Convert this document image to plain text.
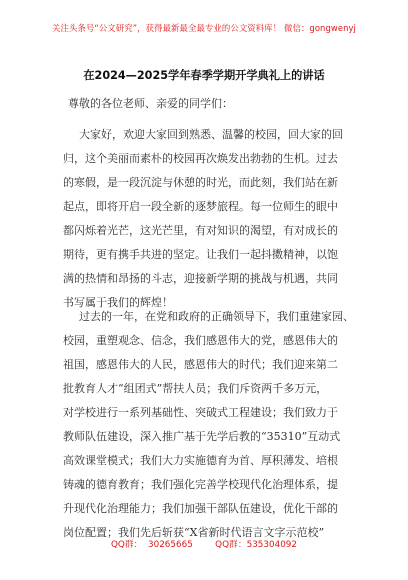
关注头条号“公文研究”，获得最新最全最专业的公文资料库！ 微信：gongwenyj
在2024—2025学年春季学期开学典礼上的讲话
尊敬的各位老师、亲爱的同学们：
大家好，欢迎大家回到熟悉、温馨的校园，回大家的回
归，这个美丽而素朴的校园再次焕发出勃勃的生机。过去
的寒假，是一段沉淀与休憩的时光，而此刻，我们站在新
起点，即将开启一段全新的逐梦旅程。每一位师生的眼中
都闪烁着光芒，这光芒里，有对知识的渴望，有对成长的
期待，更有携手共进的坚定。让我们一起抖擞精神，以饱
满的热情和昂扬的斗志，迎接新学期的挑战与机遇，共同
书写属于我们的辉煌！
过去的一年，在党和政府的正确领导下，我们重建家园、
校园，重塑观念、信念，我们感恩伟大的党，感恩伟大的
祖国，感恩伟大的人民，感恩伟大的时代；我们迎来第二
批教育人才“组团式”帮扶人员；我们斥资两千多万元，
对学校进行一系列基础性、突破式工程建设；我们致力于
教师队伍建设，深入推广基于先学后教的“35310”互动式
高效课堂模式；我们大力实施德育为首、厚积薄发、培根
铸魂的德育教育；我们强化完善学校现代化治理体系，提
升现代化治理能力；我们加强干部队伍建设，优化干部的
岗位配置；我们先后斩获“X省新时代语言文字示范校”
QQ群：  30265665	QQ群：535304092
